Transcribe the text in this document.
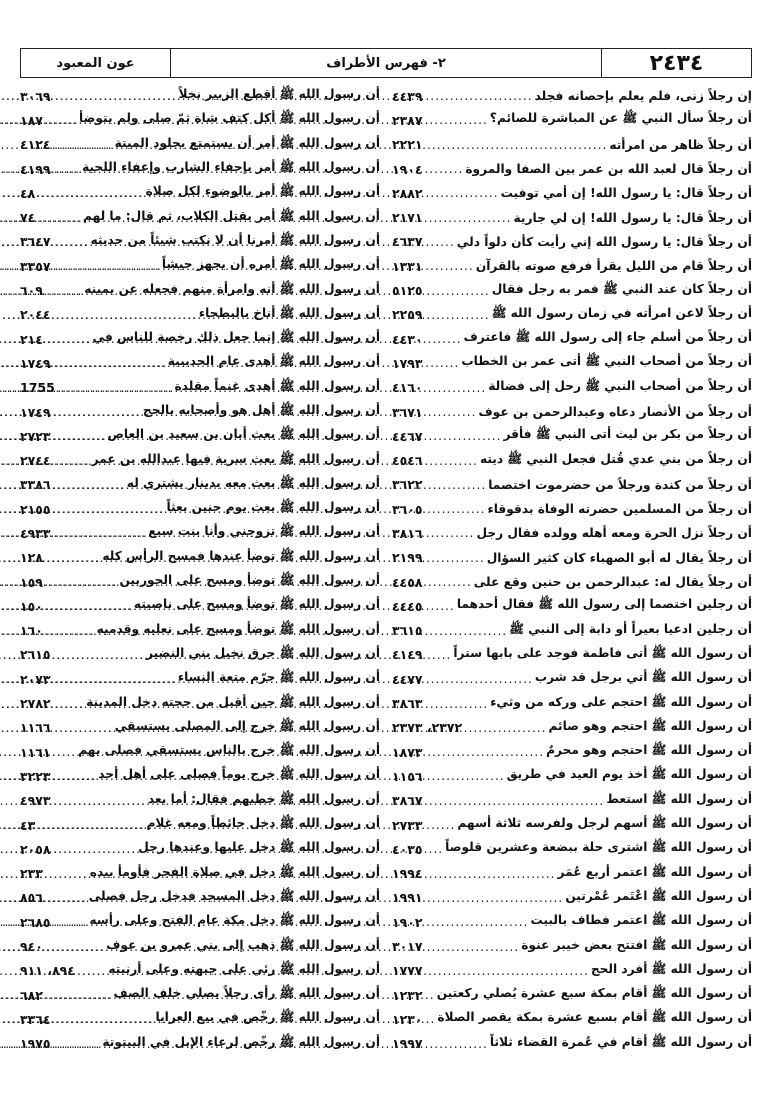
٢٤٣٤
٢- فهرس الأطراف
عون المعبود
إن رجلاً زنى، فلم يعلم بإحصانه فجلد
.....
٤٤٣٩
أن رجلاً سأل النبي ﷺ عن المباشرة للصائم؟
.....
٢٣٨٧
أن رجلاً ظاهر من امرأته
.....
٢٢٢١
أن رجلاً قال لعبد الله بن عمر بين الصفا والمروة
.....
١٩٠٤
أن رجلاً قال: يا رسول الله! إن أمي توفيت
.....
٢٨٨٢
أن رجلاً قال: يا رسول الله! إن لي جارية
.....
٢١٧١
أن رجلاً قال: يا رسول الله إني رأيت كأن دلواً دلي
.....
٤٦٣٧
أن رجلاً قام من الليل يقرأ فرفع صوته بالقرآن
.....
١٣٣١
أن رجلاً كان عند النبي ﷺ فمر به رجل فقال
.....
٥١٢٥
أن رجلاً لاعن امرأته في زمان رسول الله ﷺ
.....
٢٢٥٩
أن رجلاً من أسلم جاء إلى رسول الله ﷺ فاعترف
.....
٤٤٣٠
أن رجلاً من أصحاب النبي ﷺ أتى عمر بن الخطاب
.....
١٧٩٣
أن رجلاً من أصحاب النبي ﷺ رحل إلى فضالة
.....
٤١٦٠
أن رجلاً من الأنصار دعاه وعبدالرحمن بن عوف
.....
٣٦٧١
أن رجلاً من بكر بن ليث أتى النبي ﷺ فأقر
.....
٤٤٦٧
أن رجلاً من بني عدي قُتل فجعل النبي ﷺ ديته
.....
٤٥٤٦
أن رجلاً من كندة ورجلاً من حضرموت اختصما
.....
٣٦٢٢
أن رجلاً من المسلمين حضرته الوفاة بدقوقاء
.....
٣٦٠٥
أن رجلاً نزل الحرة ومعه أهله وولده فقال رجل
.....
٣٨١٦
أن رجلاً يقال له أبو الصهباء كان كثير السؤال
.....
٢١٩٩
أن رجلاً يقال له: عبدالرحمن بن حنين وقع على
.....
٤٤٥٨
أن رجلين اختصما إلى رسول الله ﷺ فقال أحدهما
.....
٤٤٤٥
أن رجلين ادعيا بعيراً أو دابة إلى النبي ﷺ
.....
٣٦١٥
أن رسول الله ﷺ أتى فاطمة فوجد على بابها ستراً
.....
٤١٤٩
أن رسول الله ﷺ أتي برجل قد شرب
.....
٤٤٧٧
أن رسول الله ﷺ احتجم على وركه من وثيء
.....
٣٨٦٣
أن رسول الله ﷺ احتجم وهو صائم
.....
٢٣٧٢، ٢٣٧٣
أن رسول الله ﷺ احتجم وهو محرمٌ
.....
١٨٧٣
أن رسول الله ﷺ أخذ يوم العيد في طريق
.....
١١٥٦
أن رسول الله ﷺ استعط
.....
٣٨٦٧
أن رسول الله ﷺ أسهم لرجل ولفرسه ثلاثة أسهم
.....
٢٧٣٣
أن رسول الله ﷺ اشترى حلة ببضعة وعشرين قلوصاً
.....
٤٠٣٥
أن رسول الله ﷺ اعتمر أربع عُمَر
.....
١٩٩٤
أن رسول الله ﷺ اعْتَمر عُمْرتين
.....
١٩٩١
أن رسول الله ﷺ اعتمر فطاف بالبيت
.....
١٩٠٢
أن رسول الله ﷺ افتتح بعض خيبر عنوة
.....
٣٠١٧
أن رسول الله ﷺ أفرد الحج
.....
١٧٧٧
أن رسول الله ﷺ أقام بمكة سبع عشرة يُصلي ركعتين
.....
١٢٣٢
أن رسول الله ﷺ أقام بسبع عشرة بمكة يقصر الصلاة
.....
١٢٣٠
أن رسول الله ﷺ أقام في عُمرة القضاء ثلاثاً
.....
١٩٩٧
أن رسول الله ﷺ أقطع الزبير نخلاً
.....
٣٠٦٩
أن رسول الله ﷺ أكل كتف شاة ثمّ صلى ولم يتوضأ
.....
١٨٧
أن رسول الله ﷺ أمر أن يستمتع بجلود الميتة
.....
٤١٢٤
أن رسول الله ﷺ أمر بإحفاء الشارب وإعفاء اللحية
.....
٤١٩٩
أن رسول الله ﷺ أمر بالوضوء لكل صلاة
.....
٤٨
أن رسول الله ﷺ أمر بقتل الكلاب، ثم قال: ما لهم
.....
٧٤
أن رسول الله ﷺ أمرنا أن لا نكتب شيئاً من حديثه
.....
٣٦٤٧
أن رسول الله ﷺ أمره أن يجهز جيشاً
.....
٣٣٥٧
أن رسول الله ﷺ أنه وامرأة منهم فجعله عن يمينه
.....
٦٠٩
أن رسول الله ﷺ أناخ بالبطحاء
.....
٢٠٤٤
أن رسول الله ﷺ إنما جعل ذلك رخصة للناس في
.....
٢١٤
أن رسول الله ﷺ أهدى عام الحديبية
.....
١٧٤٩
أن رسول الله ﷺ أهدى غنماً مقلدة
.....
1755
أن رسول الله ﷺ أهل هو وأصحابه بالحج
.....
١٧٤٩
أن رسول الله ﷺ بعث أبان بن سعيد بن العاص
.....
٢٧٢٣
أن رسول الله ﷺ بعث سرية فيها عبدالله بن عمر
.....
٢٧٤٤
أن رسول الله ﷺ بعث معه بدينار يشتري له
.....
٣٣٨٦
أن رسول الله ﷺ بعث يوم حنين بعثاً
.....
٢١٥٥
أن رسول الله ﷺ تزوجني وأنا بنت سبع
.....
٤٩٣٣
أن رسول الله ﷺ توضأ عندها فمسح الرأس كله
.....
١٢٨
أن رسول الله ﷺ توضأ ومسح على الجوربين
.....
١٥٩
أن رسول الله ﷺ توضأ ومسح على ناصيته
.....
١٥٠
أن رسول الله ﷺ توضأ ومسح على نعليه وقدميه
.....
١٦٠
أن رسول الله ﷺ حرق نخيل بني النضير
.....
٢٦١٥
أن رسول الله ﷺ حرّم متعة النساء
.....
٢٠٧٣
أن رسول الله ﷺ حين أقبل من حجته دخل المدينة
.....
٢٧٨٢
أن رسول الله ﷺ خرج إلى المصلى يستسقي
.....
١١٦٦
أن رسول الله ﷺ خرج بالناس يستسقي فصلى بهم
.....
١١٦١
أن رسول الله ﷺ خرج يوماً فصلى على أهل أحد
.....
٣٢٢٣
أن رسول الله ﷺ خطبهم فقال: أما بعد
.....
٤٩٧٣
أن رسول الله ﷺ دخل حائطاً ومعه غلام
.....
٤٣
أن رسول الله ﷺ دخل عليها وعندها رجل
.....
٢٠٥٨
أن رسول الله ﷺ دخل في صلاة الفجر فأومأ بيده
.....
٢٣٣
أن رسول الله ﷺ دخل المسجد فدخل رجل فصلى
.....
٨٥٦
أن رسول الله ﷺ دخل مكة عام الفتح وعلى رأسه
.....
٢٦٨٥
أن رسول الله ﷺ ذهب إلى بني عمرو بن عوف
.....
٩٤٠
أن رسول الله ﷺ رئي على جبهته وعلى أرنبته
.....
٨٩٤، ٩١١
أن رسول الله ﷺ رأى رجلاً يصلي خلف الصف
.....
٦٨٢
أن رسول الله ﷺ رخّص في بيع العرايا
.....
٣٣٦٤
أن رسول الله ﷺ رخّص لرعاء الإبل في البيتوتة
.....
١٩٧٥
